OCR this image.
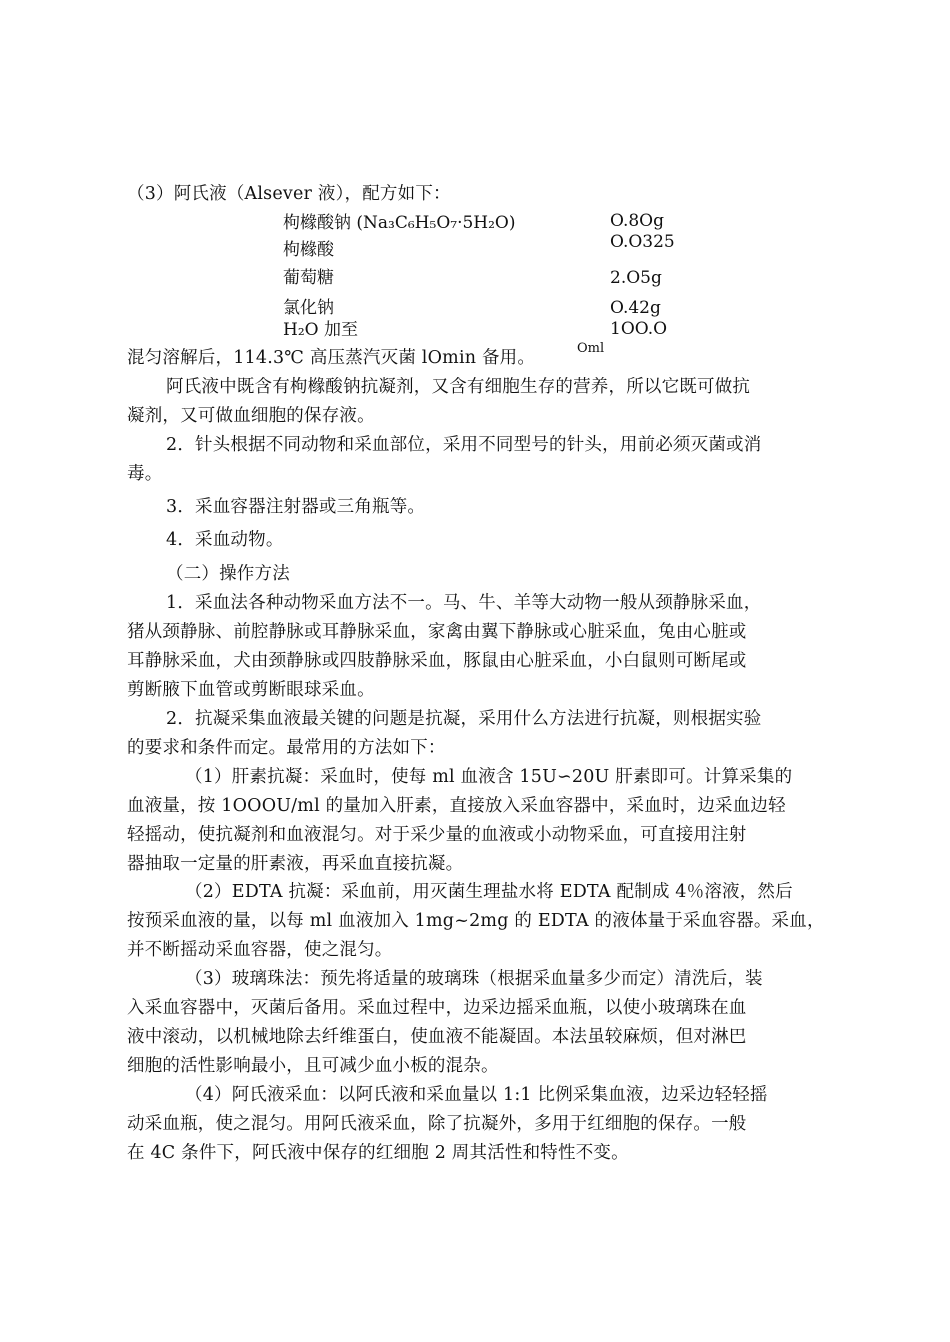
（3）阿氏液（Alsever 液），配方如下：
枸橼酸钠 (Na₃C₆H₅O₇·5H₂O)	O.8Og
枸橼酸	O.O325
葡萄糖	2.O5g
氯化钠	O.42g
H₂O 加至	1OO.O
Oml
混匀溶解后，114.3℃ 高压蒸汽灭菌 lOmin 备用。
阿氏液中既含有枸橼酸钠抗凝剂，又含有细胞生存的营养，所以它既可做抗
凝剂，又可做血细胞的保存液。
2．针头根据不同动物和采血部位，采用不同型号的针头，用前必须灭菌或消
毒。
3．采血容器注射器或三角瓶等。
4．采血动物。
（二）操作方法
1．采血法各种动物采血方法不一。马、牛、羊等大动物一般从颈静脉采血，
猪从颈静脉、前腔静脉或耳静脉采血，家禽由翼下静脉或心脏采血，兔由心脏或
耳静脉采血，犬由颈静脉或四肢静脉采血，豚鼠由心脏采血，小白鼠则可断尾或
剪断腋下血管或剪断眼球采血。
2．抗凝采集血液最关键的问题是抗凝，采用什么方法进行抗凝，则根据实验
的要求和条件而定。最常用的方法如下：
（1）肝素抗凝：采血时，使每 ml 血液含 15U∽20U 肝素即可。计算采集的
血液量，按 1OOOU/ml 的量加入肝素，直接放入采血容器中，采血时，边采血边轻
轻摇动，使抗凝剂和血液混匀。对于采少量的血液或小动物采血，可直接用注射
器抽取一定量的肝素液，再采血直接抗凝。
（2）EDTA 抗凝：采血前，用灭菌生理盐水将 EDTA 配制成 4％溶液，然后
按预采血液的量，以每 ml 血液加入 1mg~2mg 的 EDTA 的液体量于采血容器。采血，
并不断摇动采血容器，使之混匀。
（3）玻璃珠法：预先将适量的玻璃珠（根据采血量多少而定）清洗后，装
入采血容器中，灭菌后备用。采血过程中，边采边摇采血瓶，以使小玻璃珠在血
液中滚动，以机械地除去纤维蛋白，使血液不能凝固。本法虽较麻烦，但对淋巴
细胞的活性影响最小，且可减少血小板的混杂。
（4）阿氏液采血：以阿氏液和采血量以 1:1 比例采集血液，边采边轻轻摇
动采血瓶，使之混匀。用阿氏液采血，除了抗凝外，多用于红细胞的保存。一般
在 4C 条件下，阿氏液中保存的红细胞 2 周其活性和特性不变。
